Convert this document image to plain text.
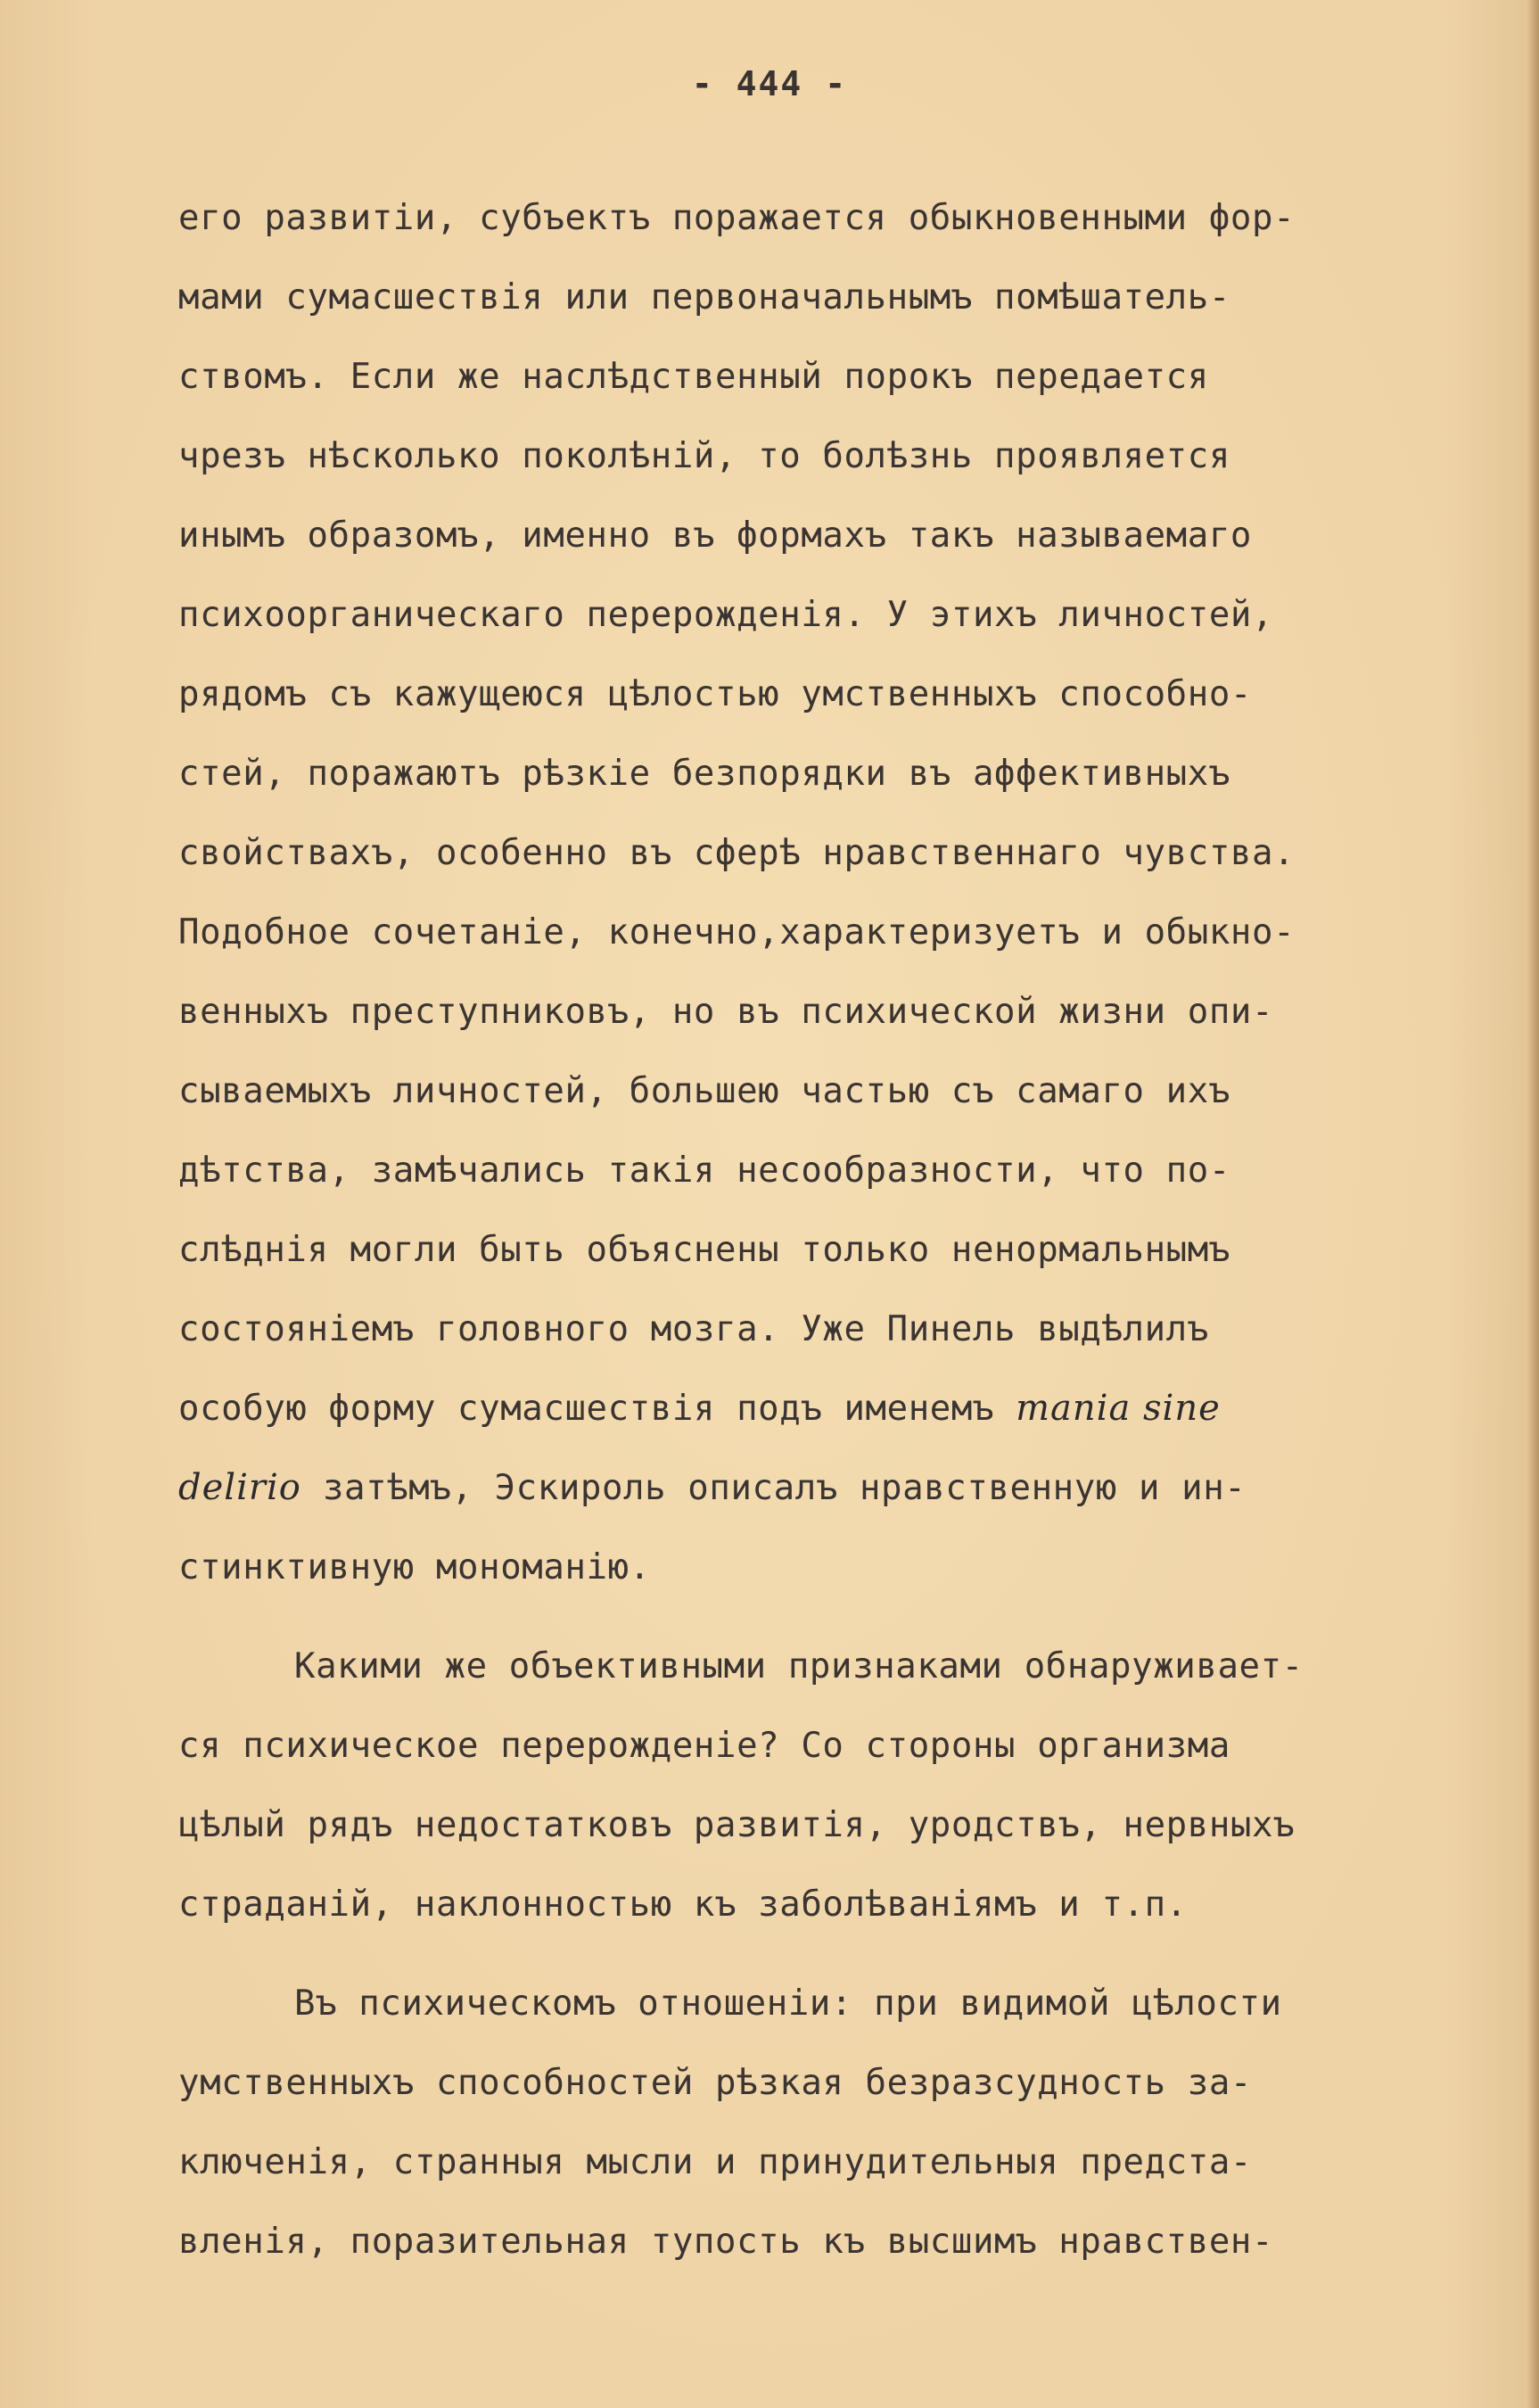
- 444 -
его развитіи, субъектъ поражается обыкновенными фор-
мами сумасшествія или первоначальнымъ помѣшатель-
ствомъ. Если же наслѣдственный порокъ передается
чрезъ нѣсколько поколѣній, то болѣзнь проявляется
инымъ образомъ, именно въ формахъ такъ называемаго
психоорганическаго перерожденія. У этихъ личностей,
рядомъ съ кажущеюся цѣлостью умственныхъ способно-
стей, поражаютъ рѣзкіе безпорядки въ аффективныхъ
свойствахъ, особенно въ сферѣ нравственнаго чувства.
Подобное сочетаніе, конечно,характеризуетъ и обыкно-
венныхъ преступниковъ, но въ психической жизни опи-
сываемыхъ личностей, большею частью съ самаго ихъ
дѣтства, замѣчались такія несообразности, что по-
слѣднія могли быть объяснены только ненормальнымъ
состояніемъ головного мозга. Уже Пинель выдѣлилъ
особую форму сумасшествія подъ именемъ mania sine
delirio затѣмъ, Эскироль описалъ нравственную и ин-
стинктивную мономанію.
Какими же объективными признаками обнаруживает-
ся психическое перерожденіе? Со стороны организма
цѣлый рядъ недостатковъ развитія, уродствъ, нервныхъ
страданій, наклонностью къ заболѣваніямъ и т.п.
Въ психическомъ отношеніи: при видимой цѣлости
умственныхъ способностей рѣзкая безразсудность за-
ключенія, странныя мысли и принудительныя предста-
вленія, поразительная тупость къ высшимъ нравствен-
